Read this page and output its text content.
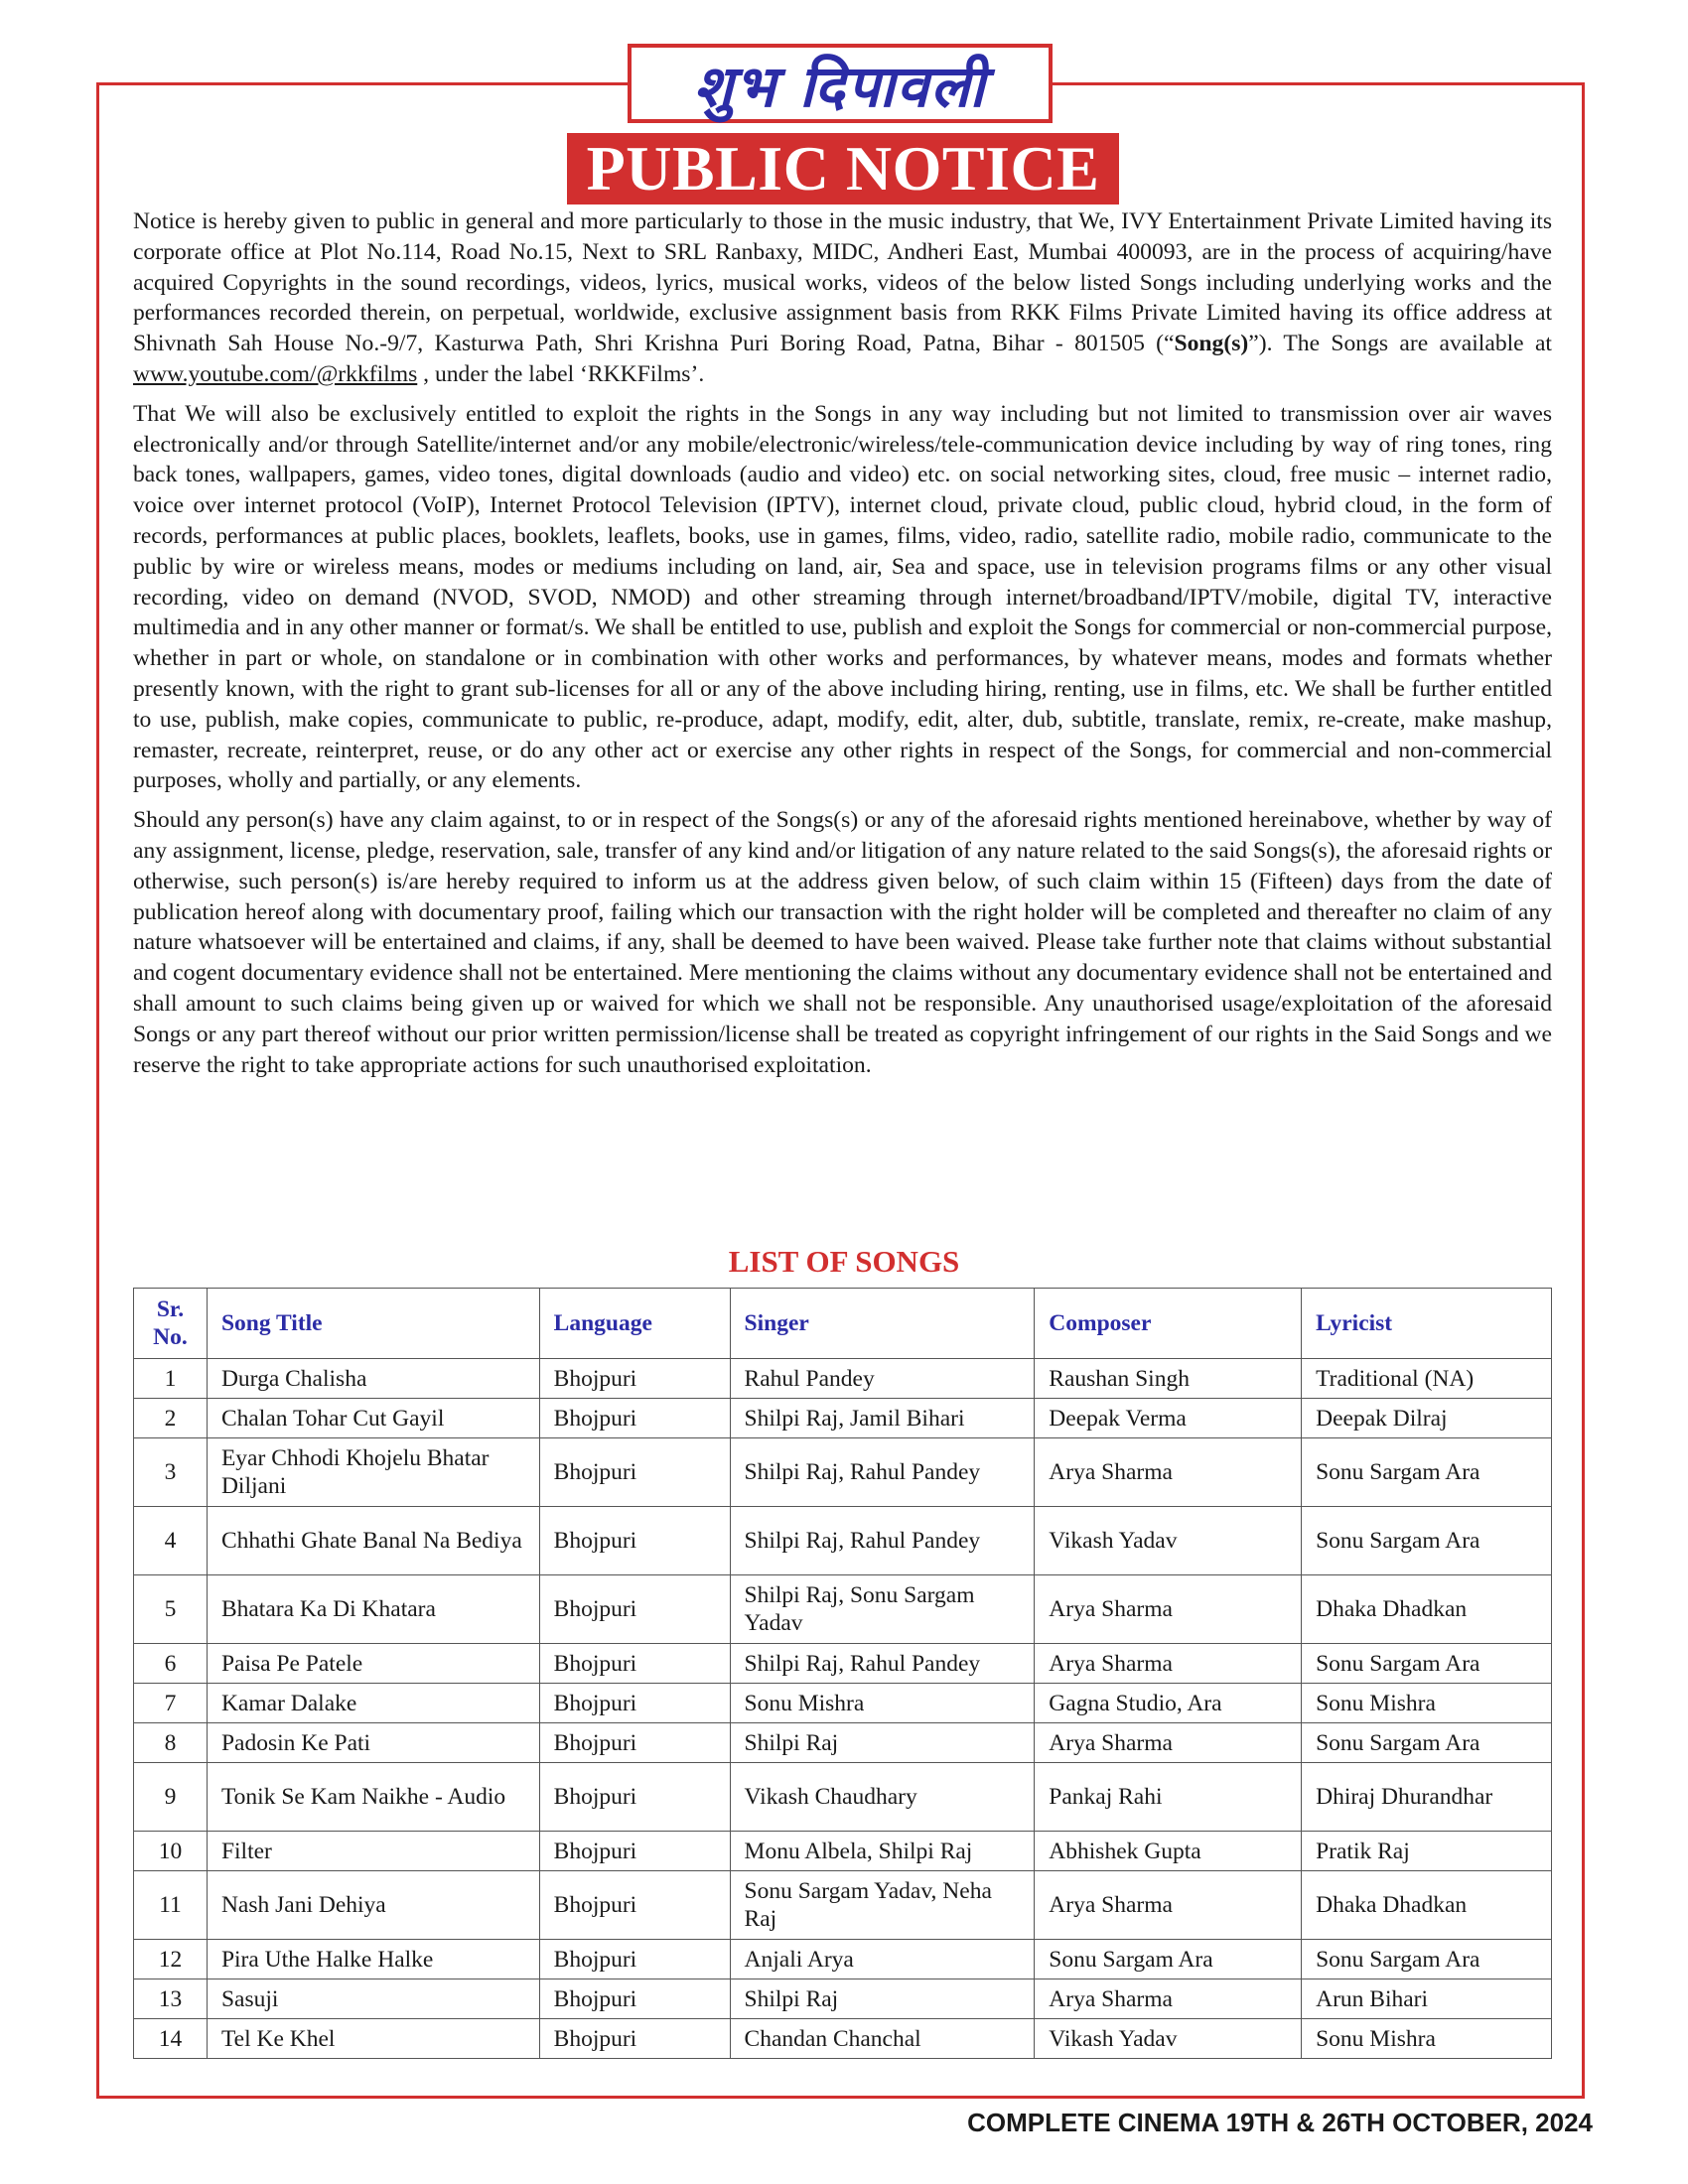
शुभ दिपावली
PUBLIC NOTICE

Notice is hereby given to public in general and more particularly to those in the music industry, that We, IVY Entertainment Private Limited having its corporate office at Plot No.114, Road No.15, Next to SRL Ranbaxy, MIDC, Andheri East, Mumbai 400093, are in the process of acquiring/have acquired Copyrights in the sound recordings, videos, lyrics, musical works, videos of the below listed Songs including underlying works and the performances recorded therein, on perpetual, worldwide, exclusive assignment basis from RKK Films Private Limited having its office address at Shivnath Sah House No.-9/7, Kasturwa Path, Shri Krishna Puri Boring Road, Patna, Bihar - 801505 (“Song(s)”). The Songs are available at www.youtube.com/@rkkfilms , under the label ‘RKKFilms’.

That We will also be exclusively entitled to exploit the rights in the Songs in any way including but not limited to transmission over air waves electronically and/or through Satellite/internet and/or any mobile/electronic/wireless/tele-communication device including by way of ring tones, ring back tones, wallpapers, games, video tones, digital downloads (audio and video) etc. on social networking sites, cloud, free music – internet radio, voice over internet protocol (VoIP), Internet Protocol Television (IPTV), internet cloud, private cloud, public cloud, hybrid cloud, in the form of records, performances at public places, booklets, leaflets, books, use in games, films, video, radio, satellite radio, mobile radio, communicate to the public by wire or wireless means, modes or mediums including on land, air, Sea and space, use in television programs films or any other visual recording, video on demand (NVOD, SVOD, NMOD) and other streaming through internet/broadband/IPTV/mobile, digital TV, interactive multimedia and in any other manner or format/s. We shall be entitled to use, publish and exploit the Songs for commercial or non-commercial purpose, whether in part or whole, on standalone or in combination with other works and performances, by whatever means, modes and formats whether presently known, with the right to grant sub-licenses for all or any of the above including hiring, renting, use in films, etc. We shall be further entitled to use, publish, make copies, communicate to public, re-produce, adapt, modify, edit, alter, dub, subtitle, translate, remix, re-create, make mashup, remaster, recreate, reinterpret, reuse, or do any other act or exercise any other rights in respect of the Songs, for commercial and non-commercial purposes, wholly and partially, or any elements.

Should any person(s) have any claim against, to or in respect of the Songs(s) or any of the aforesaid rights mentioned hereinabove, whether by way of any assignment, license, pledge, reservation, sale, transfer of any kind and/or litigation of any nature related to the said Songs(s), the aforesaid rights or otherwise, such person(s) is/are hereby required to inform us at the address given below, of such claim within 15 (Fifteen) days from the date of publication hereof along with documentary proof, failing which our transaction with the right holder will be completed and thereafter no claim of any nature whatsoever will be entertained and claims, if any, shall be deemed to have been waived. Please take further note that claims without substantial and cogent documentary evidence shall not be entertained. Mere mentioning the claims without any documentary evidence shall not be entertained and shall amount to such claims being given up or waived for which we shall not be responsible. Any unauthorised usage/exploitation of the aforesaid Songs or any part thereof without our prior written permission/license shall be treated as copyright infringement of our rights in the Said Songs and we reserve the right to take appropriate actions for such unauthorised exploitation.

LIST OF SONGS
Sr. No.	Song Title	Language	Singer	Composer	Lyricist
1	Durga Chalisha	Bhojpuri	Rahul Pandey	Raushan Singh	Traditional (NA)
2	Chalan Tohar Cut Gayil	Bhojpuri	Shilpi Raj, Jamil Bihari	Deepak Verma	Deepak Dilraj
3	Eyar Chhodi Khojelu Bhatar Diljani	Bhojpuri	Shilpi Raj, Rahul Pandey	Arya Sharma	Sonu Sargam Ara
4	Chhathi Ghate Banal Na Bediya	Bhojpuri	Shilpi Raj, Rahul Pandey	Vikash Yadav	Sonu Sargam Ara
5	Bhatara Ka Di Khatara	Bhojpuri	Shilpi Raj, Sonu Sargam Yadav	Arya Sharma	Dhaka Dhadkan
6	Paisa Pe Patele	Bhojpuri	Shilpi Raj, Rahul Pandey	Arya Sharma	Sonu Sargam Ara
7	Kamar Dalake	Bhojpuri	Sonu Mishra	Gagna Studio, Ara	Sonu Mishra
8	Padosin Ke Pati	Bhojpuri	Shilpi Raj	Arya Sharma	Sonu Sargam Ara
9	Tonik Se Kam Naikhe - Audio	Bhojpuri	Vikash Chaudhary	Pankaj Rahi	Dhiraj Dhurandhar
10	Filter	Bhojpuri	Monu Albela, Shilpi Raj	Abhishek Gupta	Pratik Raj
11	Nash Jani Dehiya	Bhojpuri	Sonu Sargam Yadav, Neha Raj	Arya Sharma	Dhaka Dhadkan
12	Pira Uthe Halke Halke	Bhojpuri	Anjali Arya	Sonu Sargam Ara	Sonu Sargam Ara
13	Sasuji	Bhojpuri	Shilpi Raj	Arya Sharma	Arun Bihari
14	Tel Ke Khel	Bhojpuri	Chandan Chanchal	Vikash Yadav	Sonu Mishra
COMPLETE CINEMA 19TH & 26TH OCTOBER, 2024
